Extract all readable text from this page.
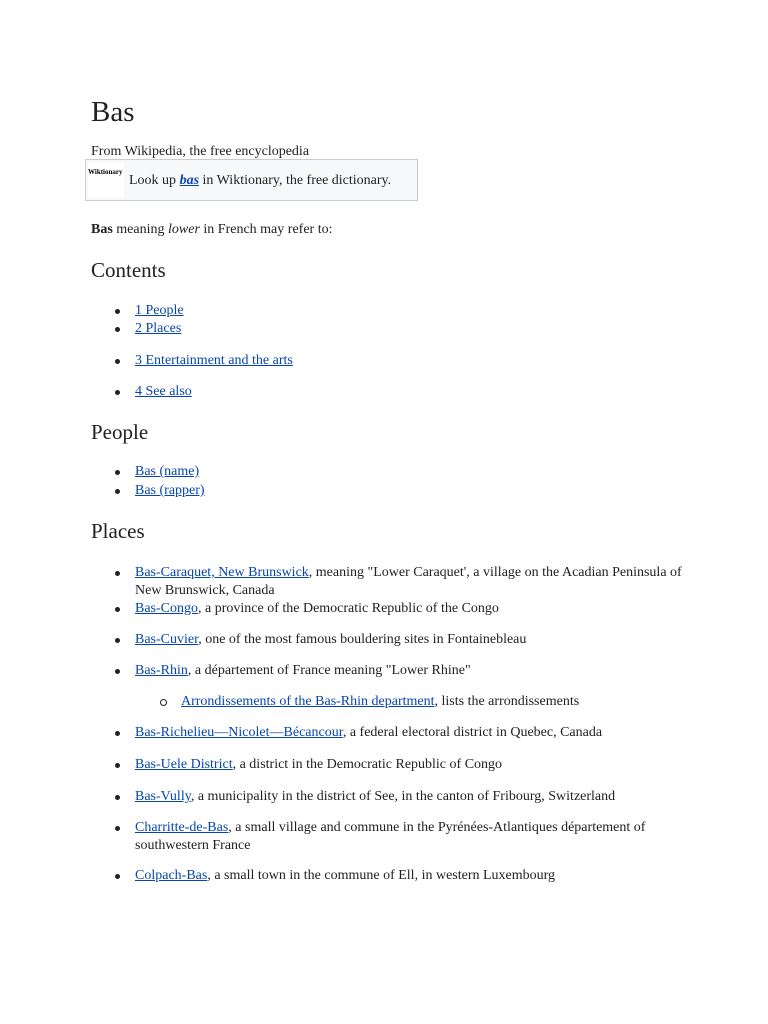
Bas

From Wikipedia, the free encyclopedia

Wiktionary
Look up bas in Wiktionary, the free dictionary.

Bas meaning lower in French may refer to:

Contents
1 People
2 Places
3 Entertainment and the arts
4 See also
People
Bas (name)
Bas (rapper)
Places
Bas-Caraquet, New Brunswick, meaning "Lower Caraquet', a village on the Acadian Peninsula of New Brunswick, Canada
Bas-Congo, a province of the Democratic Republic of the Congo
Bas-Cuvier, one of the most famous bouldering sites in Fontainebleau
Bas-Rhin, a département of France meaning "Lower Rhine"
Arrondissements of the Bas-Rhin department, lists the arrondissements
Bas-Richelieu—Nicolet—Bécancour, a federal electoral district in Quebec, Canada
Bas-Uele District, a district in the Democratic Republic of Congo
Bas-Vully, a municipality in the district of See, in the canton of Fribourg, Switzerland
Charritte-de-Bas, a small village and commune in the Pyrénées-Atlantiques département of southwestern France
Colpach-Bas, a small town in the commune of Ell, in western Luxembourg
